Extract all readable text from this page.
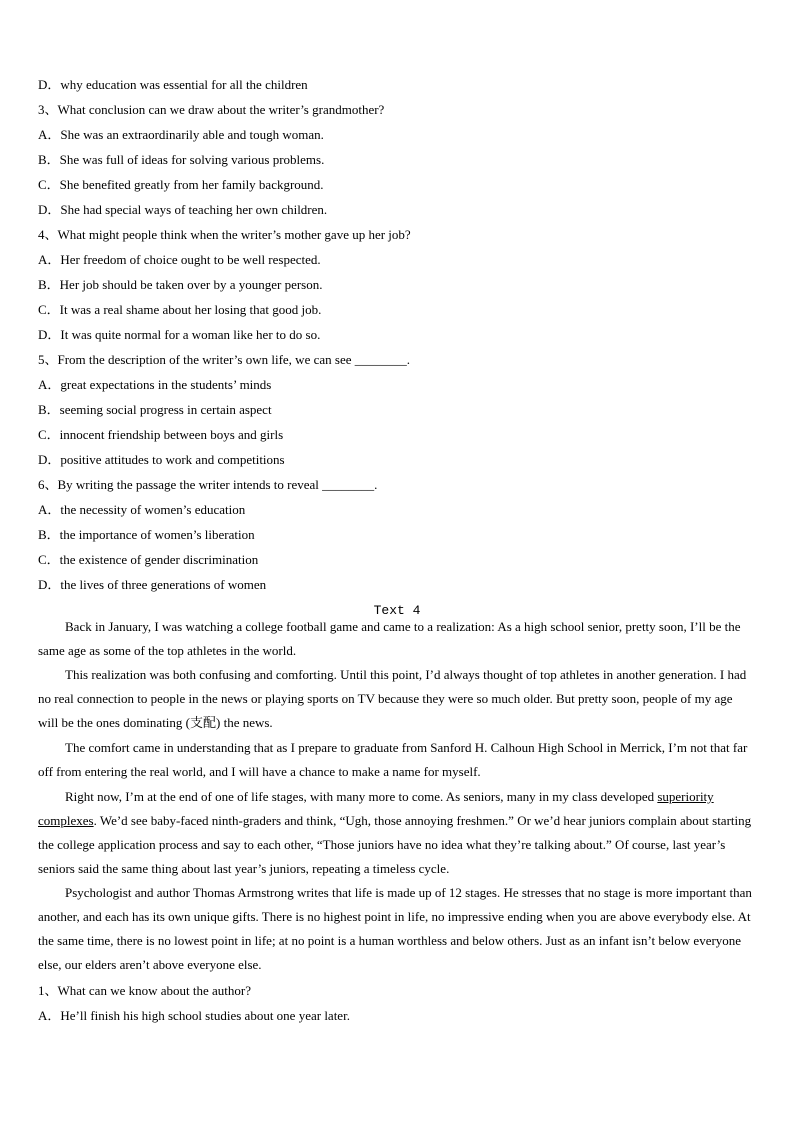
D．why education was essential for all the children
3、What conclusion can we draw about the writer’s grandmother?
A．She was an extraordinarily able and tough woman.
B．She was full of ideas for solving various problems.
C．She benefited greatly from her family background.
D．She had special ways of teaching her own children.
4、What might people think when the writer’s mother gave up her job?
A．Her freedom of choice ought to be well respected.
B．Her job should be taken over by a younger person.
C．It was a real shame about her losing that good job.
D．It was quite normal for a woman like her to do so.
5、From the description of the writer’s own life, we can see ________.
A．great expectations in the students’ minds
B．seeming social progress in certain aspect
C．innocent friendship between boys and girls
D．positive attitudes to work and competitions
6、By writing the passage the writer intends to reveal ________.
A．the necessity of women’s education
B．the importance of women’s liberation
C．the existence of gender discrimination
D．the lives of three generations of women
Text 4

Back in January, I was watching a college football game and came to a realization: As a high school senior, pretty soon, I’ll be the same age as some of the top athletes in the world.

This realization was both confusing and comforting. Until this point, I’d always thought of top athletes in another generation. I had no real connection to people in the news or playing sports on TV because they were so much older. But pretty soon, people of my age will be the ones dominating (支配) the news.

The comfort came in understanding that as I prepare to graduate from Sanford H. Calhoun High School in Merrick, I’m not that far off from entering the real world, and I will have a chance to make a name for myself.

Right now, I’m at the end of one of life stages, with many more to come. As seniors, many in my class developed superiority complexes. We’d see baby-faced ninth-graders and think, “Ugh, those annoying freshmen.” Or we’d hear juniors complain about starting the college application process and say to each other, “Those juniors have no idea what they’re talking about.” Of course, last year’s seniors said the same thing about last year’s juniors, repeating a timeless cycle.

Psychologist and author Thomas Armstrong writes that life is made up of 12 stages. He stresses that no stage is more important than another, and each has its own unique gifts. There is no highest point in life, no impressive ending when you are above everybody else. At the same time, there is no lowest point in life; at no point is a human worthless and below others. Just as an infant isn’t below everyone else, our elders aren’t above everyone else.

1、What can we know about the author?
A．He’ll finish his high school studies about one year later.
